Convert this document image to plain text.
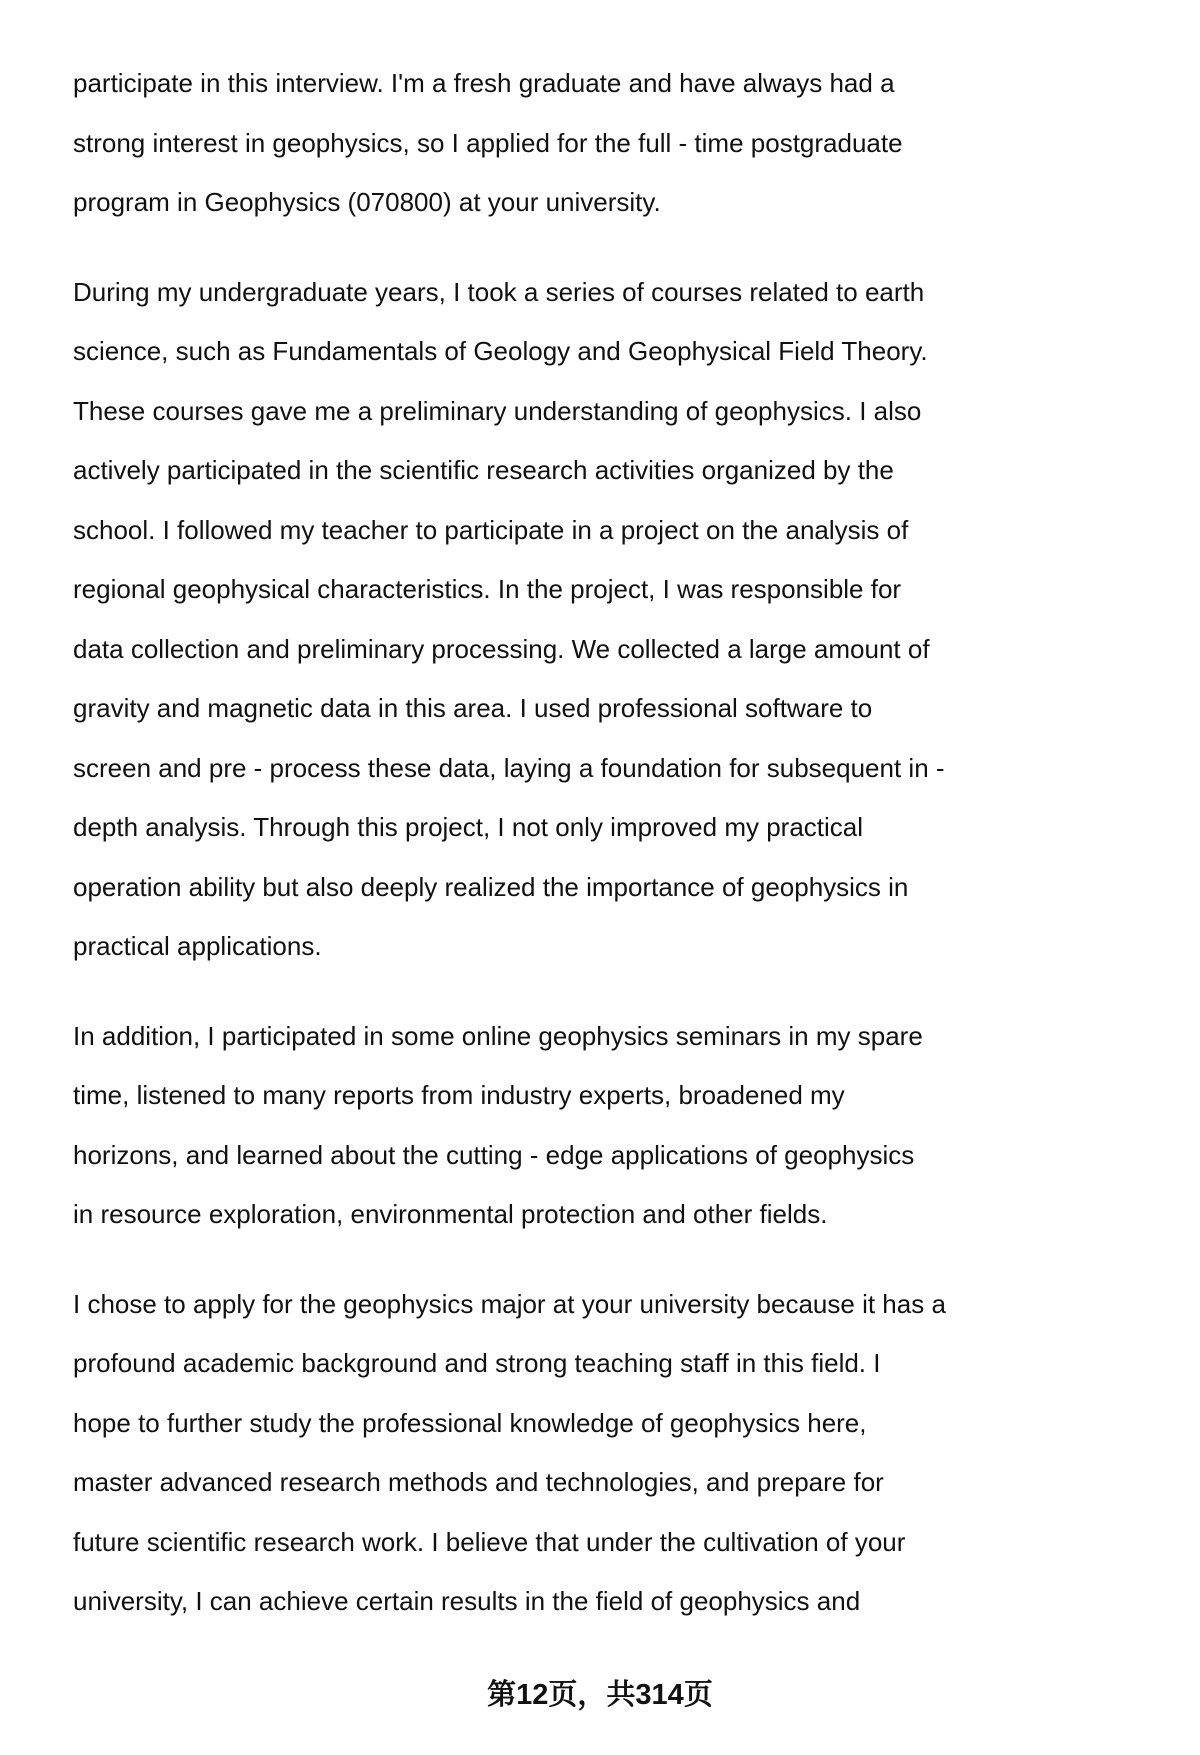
participate in this interview. I'm a fresh graduate and have always had a
strong interest in geophysics, so I applied for the full - time postgraduate
program in Geophysics (070800) at your university.

During my undergraduate years, I took a series of courses related to earth
science, such as Fundamentals of Geology and Geophysical Field Theory.
These courses gave me a preliminary understanding of geophysics. I also
actively participated in the scientific research activities organized by the
school. I followed my teacher to participate in a project on the analysis of
regional geophysical characteristics. In the project, I was responsible for
data collection and preliminary processing. We collected a large amount of
gravity and magnetic data in this area. I used professional software to
screen and pre - process these data, laying a foundation for subsequent in -
depth analysis. Through this project, I not only improved my practical
operation ability but also deeply realized the importance of geophysics in
practical applications.

In addition, I participated in some online geophysics seminars in my spare
time, listened to many reports from industry experts, broadened my
horizons, and learned about the cutting - edge applications of geophysics
in resource exploration, environmental protection and other fields.

I chose to apply for the geophysics major at your university because it has a
profound academic background and strong teaching staff in this field. I
hope to further study the professional knowledge of geophysics here,
master advanced research methods and technologies, and prepare for
future scientific research work. I believe that under the cultivation of your
university, I can achieve certain results in the field of geophysics and

第12页，共314页
